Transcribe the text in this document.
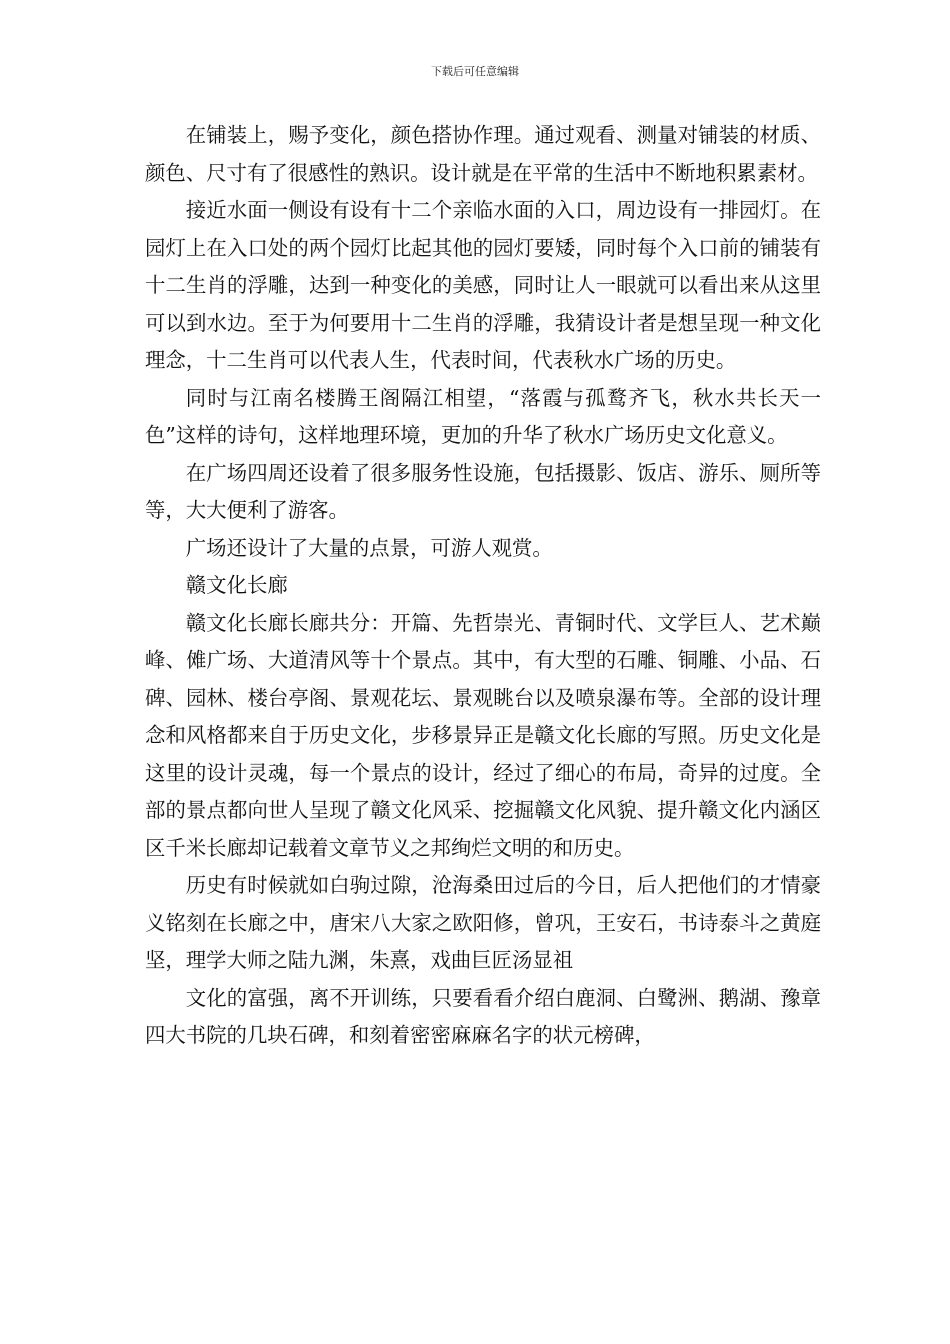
下载后可任意编辑

在铺装上，赐予变化，颜色搭协作理。通过观看、测量对铺装的材质、颜色、尺寸有了很感性的熟识。设计就是在平常的生活中不断地积累素材。

接近水面一侧设有设有十二个亲临水面的入口，周边设有一排园灯。在园灯上在入口处的两个园灯比起其他的园灯要矮，同时每个入口前的铺装有十二生肖的浮雕，达到一种变化的美感，同时让人一眼就可以看出来从这里可以到水边。至于为何要用十二生肖的浮雕，我猜设计者是想呈现一种文化理念，十二生肖可以代表人生，代表时间，代表秋水广场的历史。

同时与江南名楼腾王阁隔江相望，“落霞与孤鹜齐飞，秋水共长天一色”这样的诗句，这样地理环境，更加的升华了秋水广场历史文化意义。

在广场四周还设着了很多服务性设施，包括摄影、饭店、游乐、厕所等等，大大便利了游客。

广场还设计了大量的点景，可游人观赏。

赣文化长廊

赣文化长廊长廊共分：开篇、先哲崇光、青铜时代、文学巨人、艺术巅峰、傩广场、大道清风等十个景点。其中，有大型的石雕、铜雕、小品、石碑、园林、楼台亭阁、景观花坛、景观眺台以及喷泉瀑布等。全部的设计理念和风格都来自于历史文化，步移景异正是赣文化长廊的写照。历史文化是这里的设计灵魂，每一个景点的设计，经过了细心的布局，奇异的过度。全部的景点都向世人呈现了赣文化风采、挖掘赣文化风貌、提升赣文化内涵区区千米长廊却记载着文章节义之邦绚烂文明的和历史。

历史有时候就如白驹过隙，沧海桑田过后的今日，后人把他们的才情豪义铭刻在长廊之中，唐宋八大家之欧阳修，曾巩，王安石，书诗泰斗之黄庭坚，理学大师之陆九渊，朱熹，戏曲巨匠汤显祖

文化的富强，离不开训练，只要看看介绍白鹿洞、白鹭洲、鹅湖、豫章四大书院的几块石碑，和刻着密密麻麻名字的状元榜碑，
